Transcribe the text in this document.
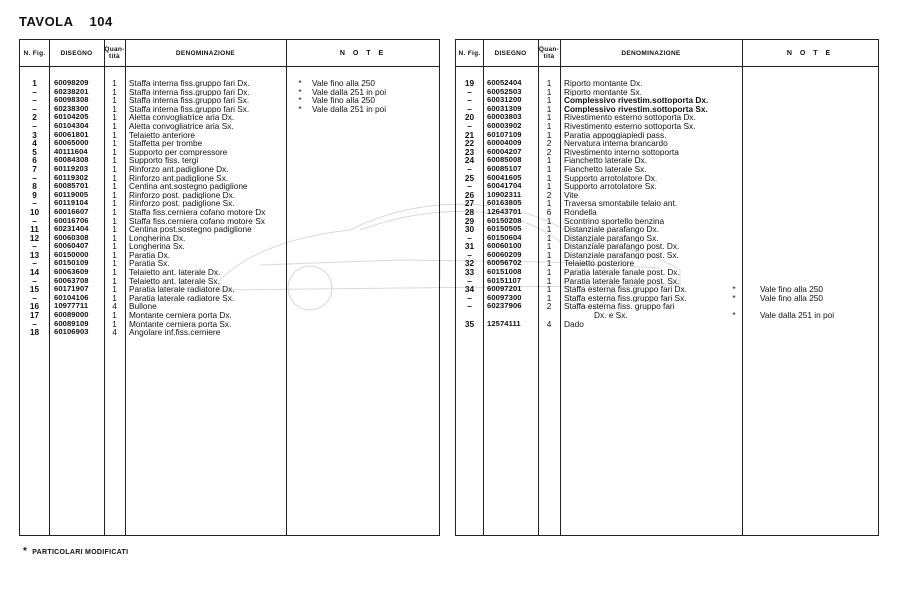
TAVOLA 104
N. Fig.	DISEGNO	Quan- tità	DENOMINAZIONE	N O T E
1	60098209	1	Staffa interna fiss.gruppo fari Dx.	*	Vale fino alla 250
–	60238201	1	Staffa interna fiss.gruppo fari Dx.	*	Vale dalla 251 in poi
–	60098308	1	Staffa interna fiss.gruppo fari Sx.	*	Vale fino alla 250
–	60238300	1	Staffa interna fiss.gruppo fari Sx.	*	Vale dalla 251 in poi
2	60104205	1	Aletta convogliatrice aria Dx.
–	60104304	1	Aletta convogliatrice aria Sx.
3	60061801	1	Telaietto anteriore
4	60065000	1	Staffetta per trombe
5	40111604	1	Supporto per compressore
6	60084308	1	Supporto fiss. tergi
7	60119203	1	Rinforzo ant.padiglione Dx.
–	60119302	1	Rinforzo ant.padiglione Sx.
8	60085701	1	Centina ant.sostegno padiglione
9	60119005	1	Rinforzo post. padiglione Dx.
–	60119104	1	Rinforzo post. padiglione Sx.
10	60016607	1	Staffa fiss.cerniera cofano motore Dx
–	60016706	1	Staffa fiss.cerniera cofano motore Sx
11	60231404	1	Centina post.sostegno padiglione
12	60060308	1	Longherina Dx.
–	60060407	1	Longherina Sx.
13	60150000	1	Paratia Dx.
–	60150109	1	Paratia Sx.
14	60063609	1	Telaietto ant. laterale Dx.
–	60063708	1	Telaietto ant. laterale Sx.
15	60171907	1	Paratia laterale radiatore Dx.
–	60104106	1	Paratia laterale radiatore Sx.
16	10977711	4	Bullone
17	60089000	1	Montante cerniera porta Dx.
–	60089109	1	Montante cerniera porta Sx.
18	60106903	4	Angolare inf.fiss.cerniere
N. Fig.	DISEGNO	Quan- tità	DENOMINAZIONE	N O T E
19	60052404	1	Riporto montante Dx.
–	60052503	1	Riporto montante Sx.
–	60031200	1	Complessivo rivestim.sottoporta Dx.
–	60031309	1	Complessivo rivestim.sottoporta Sx.
20	60003803	1	Rivestimento esterno sottoporta Dx.
–	60003902	1	Rivestimento esterno sottoporta Sx.
21	60107109	1	Paratia appoggiapiedi pass.
22	60004009	2	Nervatura interna brancardo
23	60004207	2	Rivestimento interno sottoporta
24	60085008	1	Fianchetto laterale Dx.
–	60085107	1	Fianchetto laterale Sx.
25	60041605	1	Supporto arrotolatore Dx.
–	60041704	1	Supporto arrotolatore Sx.
26	10902311	2	Vite
27	60163805	1	Traversa smontabile telaio ant.
28	12643701	6	Rondella
29	60150208	1	Scontrino sportello benzina
30	60150505	1	Distanziale parafango Dx.
–	60150604	1	Distanziale parafango Sx.
31	60060100	1	Distanziale parafango post. Dx.
–	60060209	1	Distanziale parafango post. Sx.
32	60056702	1	Telaietto posteriore
33	60151008	1	Paratia laterale fanale post. Dx.
–	60151107	1	Paratia laterale fanale post. Sx.
34	60097201	1	Staffa esterna fiss.gruppo fari Dx.	*	Vale fino alla 250
–	60097300	1	Staffa esterna fiss.gruppo fari Sx.	*	Vale fino alla 250
–	60237906	2	Staffa esterna fiss. gruppo fari
Dx. e Sx.	*	Vale dalla 251 in poi
35	12574111	4	Dado
* PARTICOLARI MODIFICATI
